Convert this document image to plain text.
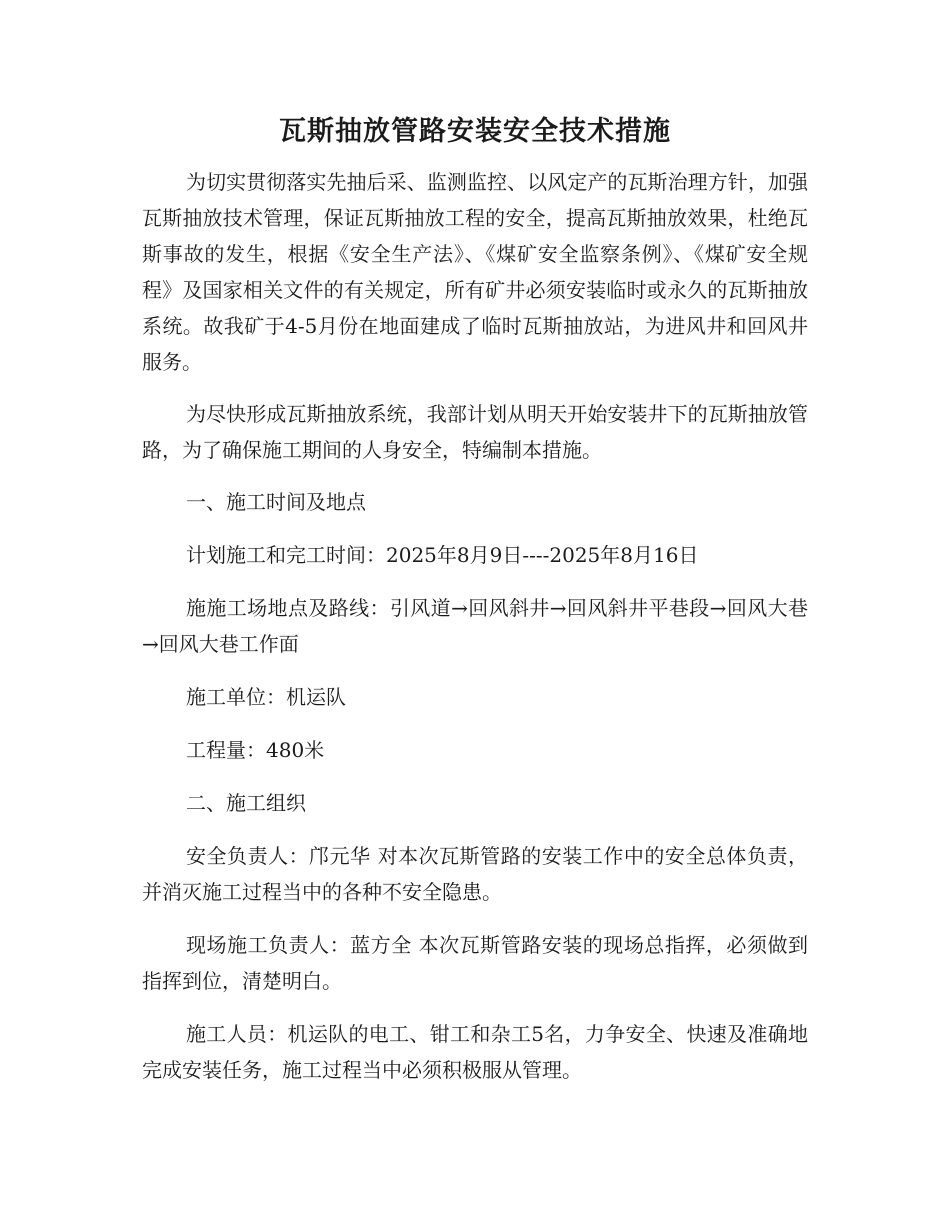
瓦斯抽放管路安装安全技术措施

为切实贯彻落实先抽后采、监测监控、以风定产的瓦斯治理方针，加强瓦斯抽放技术管理，保证瓦斯抽放工程的安全，提高瓦斯抽放效果，杜绝瓦斯事故的发生，根据《安全生产法》、《煤矿安全监察条例》、《煤矿安全规程》及国家相关文件的有关规定，所有矿井必须安装临时或永久的瓦斯抽放系统。故我矿于4-5月份在地面建成了临时瓦斯抽放站，为进风井和回风井服务。

为尽快形成瓦斯抽放系统，我部计划从明天开始安装井下的瓦斯抽放管路，为了确保施工期间的人身安全，特编制本措施。

一、施工时间及地点

计划施工和完工时间：2025年8月9日----2025年8月16日

施施工场地点及路线：引风道→回风斜井→回风斜井平巷段→回风大巷→回风大巷工作面

施工单位：机运队

工程量：480米

二、施工组织

安全负责人：邝元华 对本次瓦斯管路的安装工作中的安全总体负责，并消灭施工过程当中的各种不安全隐患。

现场施工负责人：蓝方全 本次瓦斯管路安装的现场总指挥，必须做到指挥到位，清楚明白。

施工人员：机运队的电工、钳工和杂工5名，力争安全、快速及准确地完成安装任务，施工过程当中必须积极服从管理。
